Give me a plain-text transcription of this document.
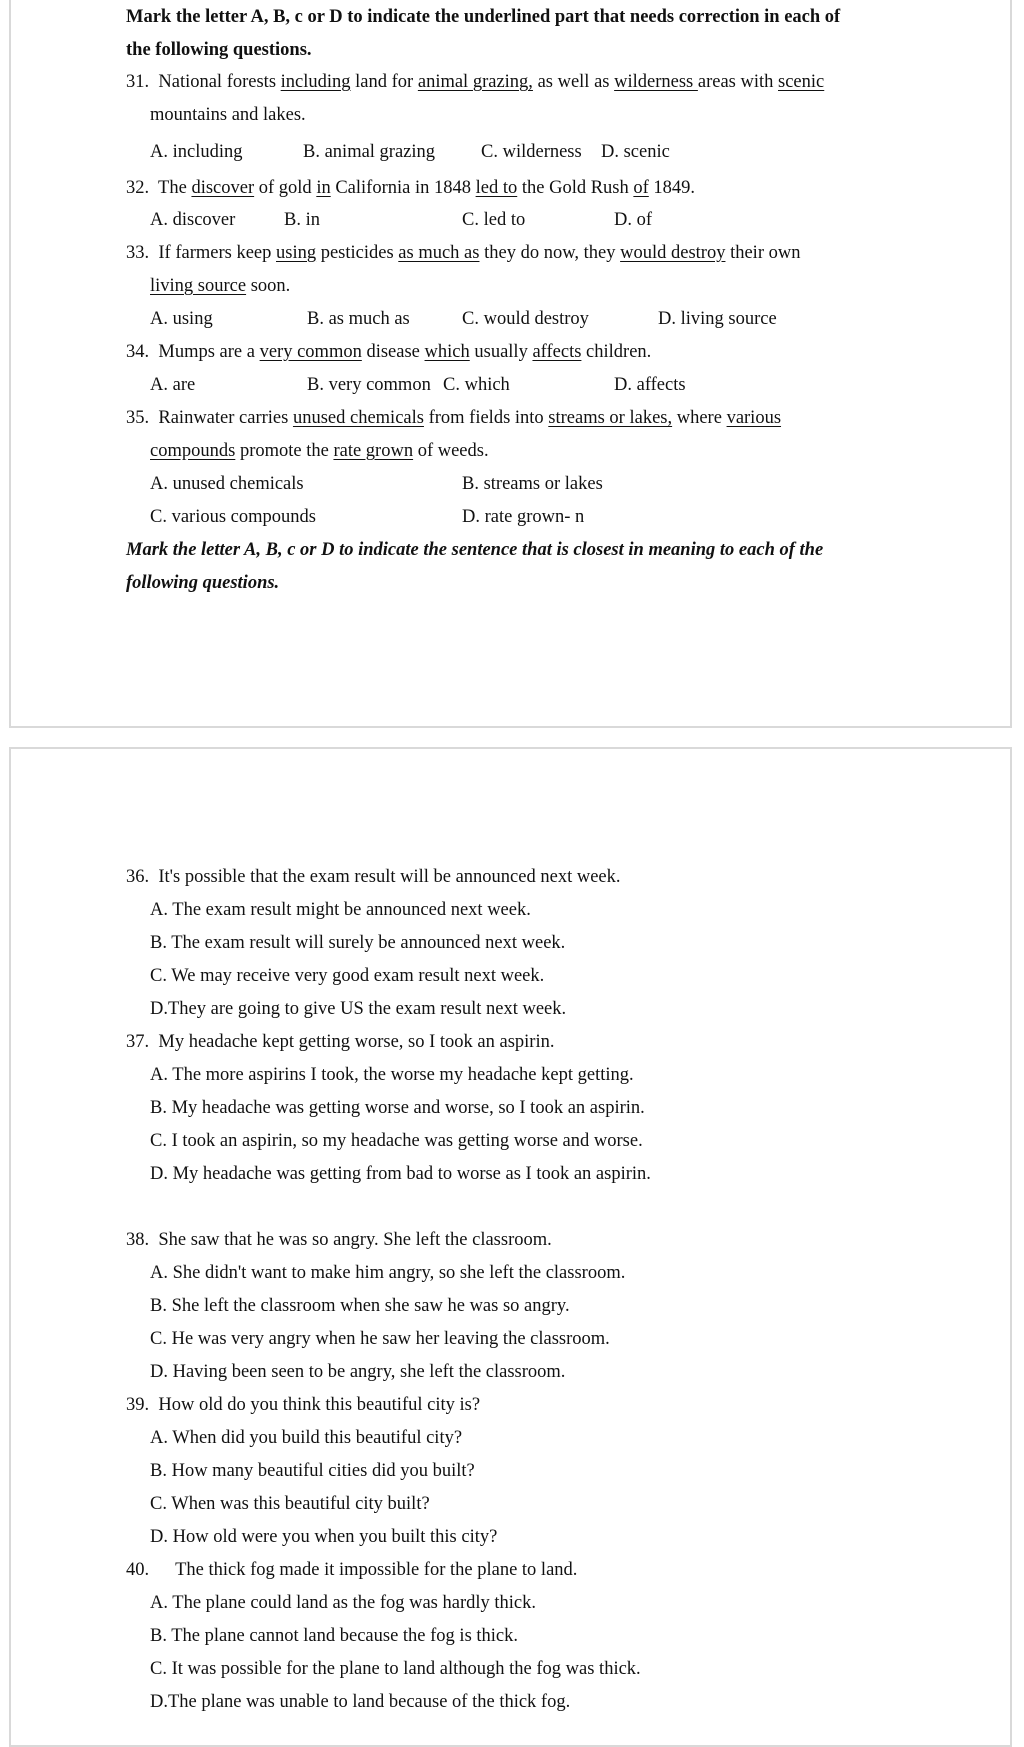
Mark the letter A, B, c or D to indicate the underlined part that needs correction in each of
the following questions.
31. National forests including land for animal grazing, as well as wilderness areas with scenic
mountains and lakes.
A. including	B. animal grazing C. wilderness D. scenic
32. The discover of gold in California in 1848 led to the Gold Rush of 1849.
A. discover	B. in	C. led to	D. of
33. If farmers keep using pesticides as much as they do now, they would destroy their own
living source soon.
A. using	B. as much as	C. would destroy	D. living source
34. Mumps are a very common disease which usually affects children.
A. are	B. very common C. which	D. affects
35. Rainwater carries unused chemicals from fields into streams or lakes, where various
compounds promote the rate grown of weeds.
A. unused chemicals	B. streams or lakes
C. various compounds	D. rate grown- n
Mark the letter A, B, c or D to indicate the sentence that is closest in meaning to each of the
following questions.
36. It's possible that the exam result will be announced next week.
A. The exam result might be announced next week.
B. The exam result will surely be announced next week.
C. We may receive very good exam result next week.
D.They are going to give US the exam result next week.
37. My headache kept getting worse, so I took an aspirin.
A. The more aspirins I took, the worse my headache kept getting.
B. My headache was getting worse and worse, so I took an aspirin.
C. I took an aspirin, so my headache was getting worse and worse.
D. My headache was getting from bad to worse as I took an aspirin.
38. She saw that he was so angry. She left the classroom.
A. She didn't want to make him angry, so she left the classroom.
B. She left the classroom when she saw he was so angry.
C. He was very angry when he saw her leaving the classroom.
D. Having been seen to be angry, she left the classroom.
39. How old do you think this beautiful city is?
A. When did you build this beautiful city?
B. How many beautiful cities did you built?
C. When was this beautiful city built?
D. How old were you when you built this city?
40. The thick fog made it impossible for the plane to land.
A. The plane could land as the fog was hardly thick.
B. The plane cannot land because the fog is thick.
C. It was possible for the plane to land although the fog was thick.
D.The plane was unable to land because of the thick fog.
